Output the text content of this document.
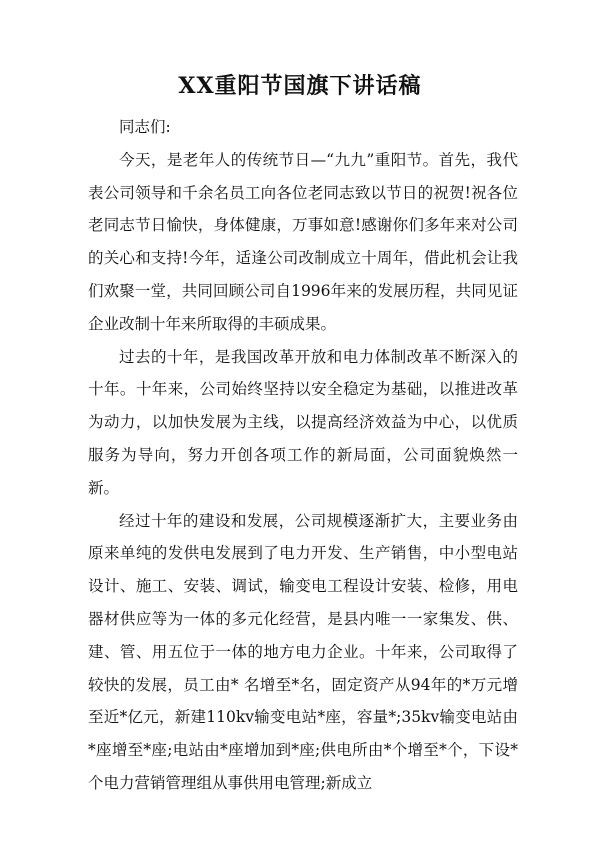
XX重阳节国旗下讲话稿

同志们:

今天，是老年人的传统节日—“九九”重阳节。首先，我代表公司领导和千余名员工向各位老同志致以节日的祝贺!祝各位老同志节日愉快，身体健康，万事如意!感谢你们多年来对公司的关心和支持!今年，适逢公司改制成立十周年，借此机会让我们欢聚一堂，共同回顾公司自1996年来的发展历程，共同见证企业改制十年来所取得的丰硕成果。

过去的十年，是我国改革开放和电力体制改革不断深入的十年。十年来，公司始终坚持以安全稳定为基础，以推进改革为动力，以加快发展为主线，以提高经济效益为中心，以优质服务为导向，努力开创各项工作的新局面，公司面貌焕然一新。

经过十年的建设和发展，公司规模逐渐扩大，主要业务由原来单纯的发供电发展到了电力开发、生产销售，中小型电站设计、施工、安装、调试，输变电工程设计安装、检修，用电器材供应等为一体的多元化经营，是县内唯一一家集发、供、建、管、用五位于一体的地方电力企业。十年来，公司取得了较快的发展，员工由* 名增至*名，固定资产从94年的*万元增至近*亿元，新建110kv输变电站*座，容量*;35kv输变电站由*座增至*座;电站由*座增加到*座;供电所由*个增至*个，下设*个电力营销管理组从事供用电管理;新成立
